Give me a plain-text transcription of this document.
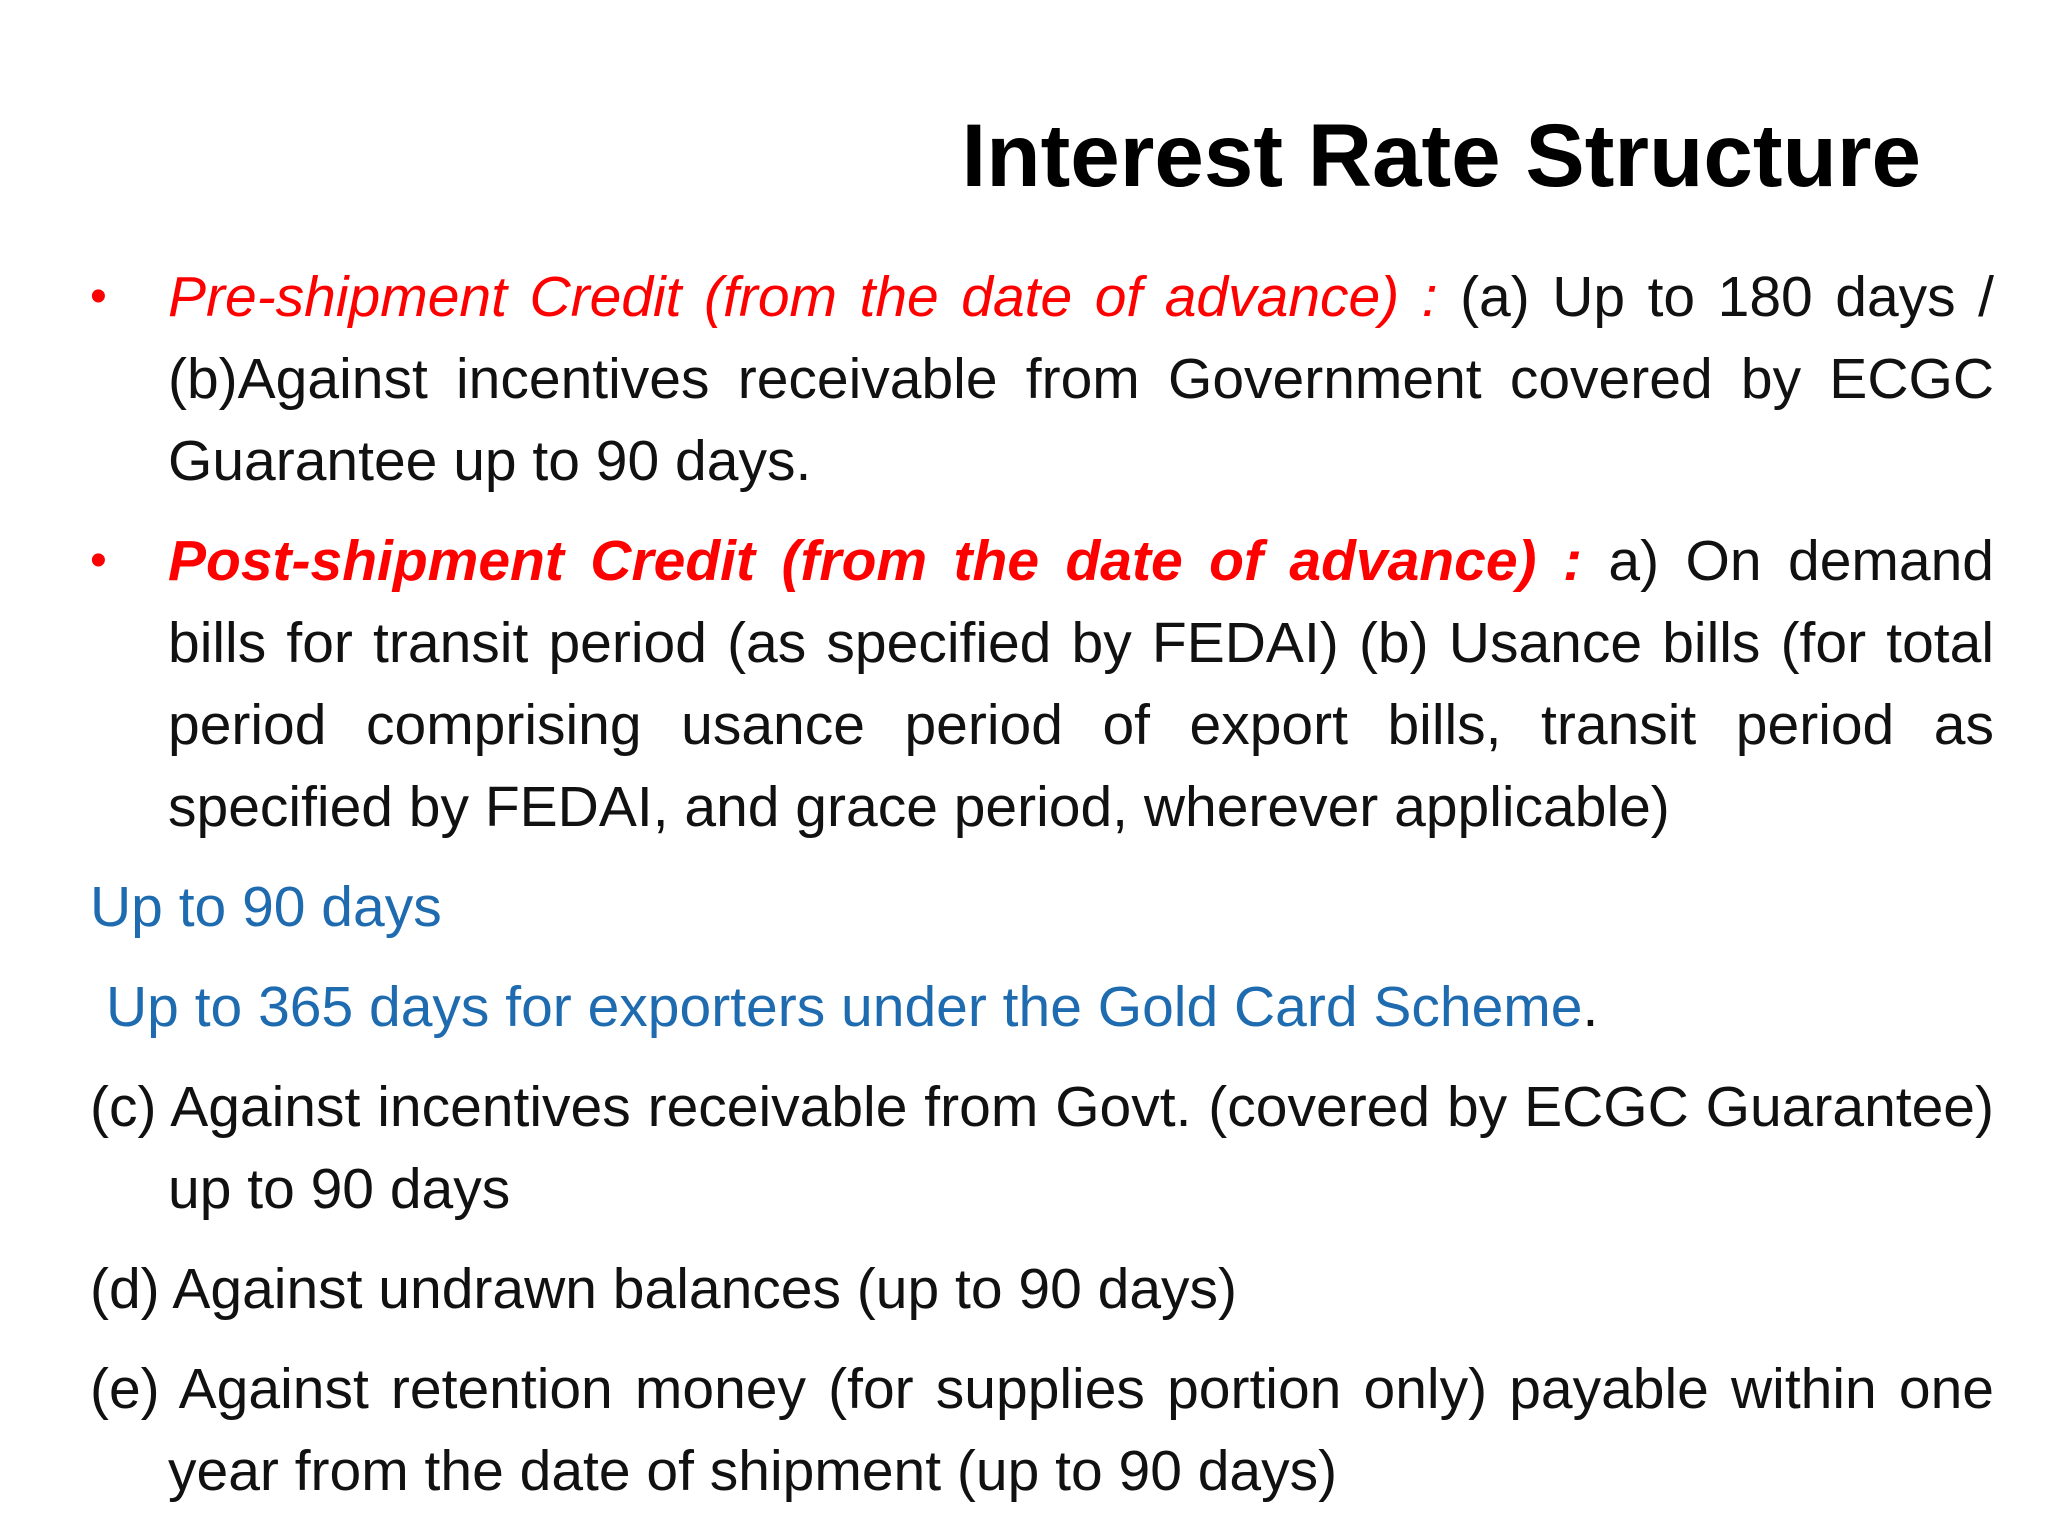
Interest Rate Structure
• Pre-shipment Credit (from the date of advance) : (a) Up to 180 days / (b)Against incentives receivable from Government covered by ECGC Guarantee up to 90 days.
• Post-shipment Credit (from the date of advance) : a) On demand bills for transit period (as specified by FEDAI) (b) Usance bills (for total period comprising usance period of export bills, transit period as specified by FEDAI, and grace period, wherever applicable)
Up to 90 days
Up to 365 days for exporters under the Gold Card Scheme.
(c) Against incentives receivable from Govt. (covered by ECGC Guarantee) up to 90 days
(d) Against undrawn balances (up to 90 days)
(e) Against retention money (for supplies portion only) payable within one year from the date of shipment (up to 90 days)
